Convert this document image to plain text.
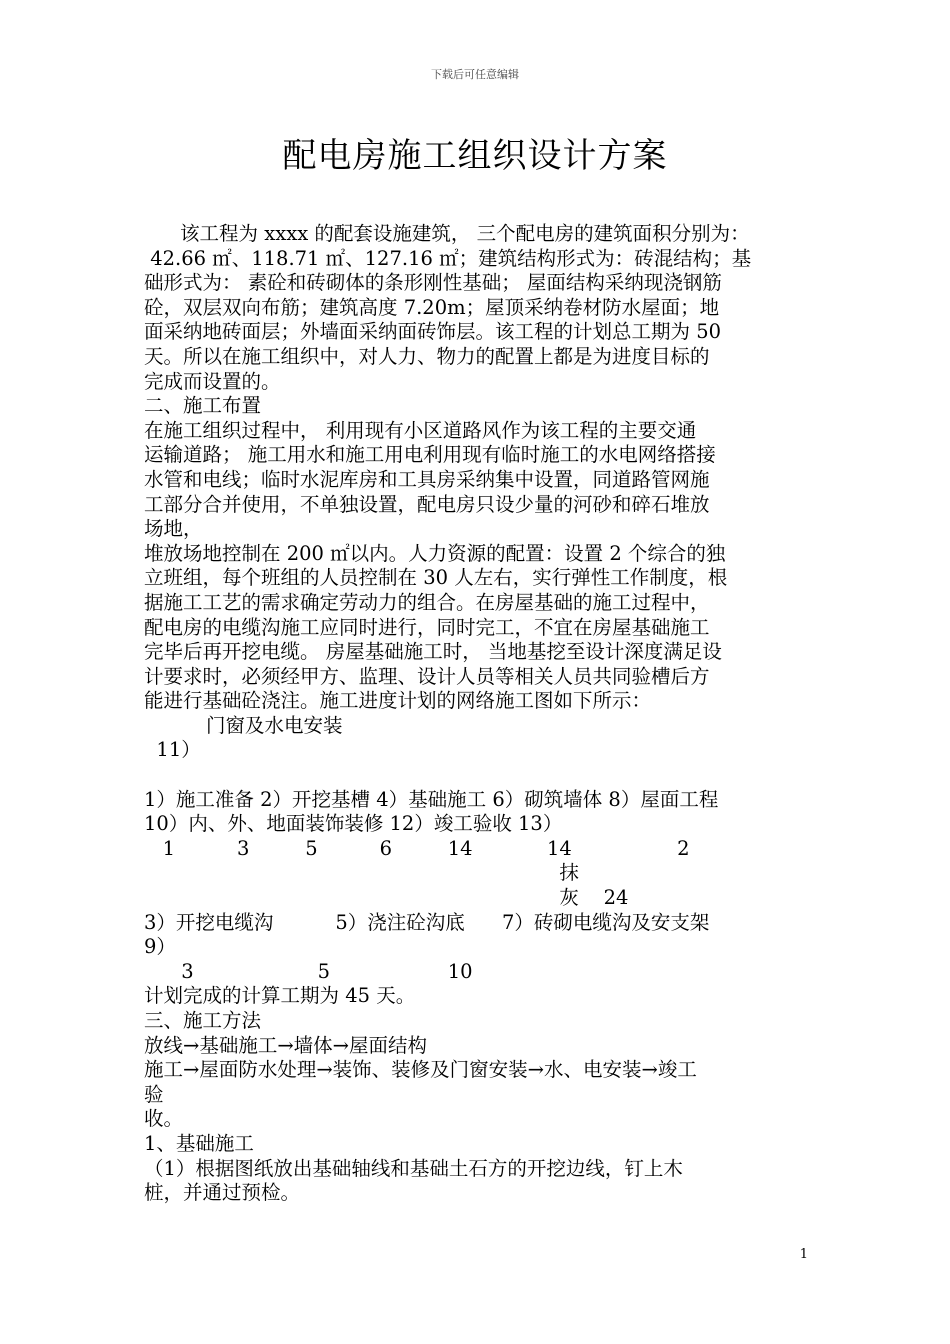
下载后可任意编辑
配电房施工组织设计方案

该工程为 xxxx 的配套设施建筑， 三个配电房的建筑面积分别为：

42.66 ㎡、118.71 ㎡、127.16 ㎡；建筑结构形式为：砖混结构；基

础形式为： 素砼和砖砌体的条形刚性基础； 屋面结构采纳现浇钢筋

砼，双层双向布筋；建筑高度 7.20m；屋顶采纳卷材防水屋面；地

面采纳地砖面层；外墙面采纳面砖饰层。该工程的计划总工期为 50

天。所以在施工组织中，对人力、物力的配置上都是为进度目标的

完成而设置的。

二、施工布置

在施工组织过程中， 利用现有小区道路风作为该工程的主要交通

运输道路； 施工用水和施工用电利用现有临时施工的水电网络搭接

水管和电线；临时水泥库房和工具房采纳集中设置，同道路管网施

工部分合并使用，不单独设置，配电房只设少量的河砂和碎石堆放

场地，

堆放场地控制在 200 ㎡以内。人力资源的配置：设置 2 个综合的独

立班组，每个班组的人员控制在 30 人左右，实行弹性工作制度，根

据施工工艺的需求确定劳动力的组合。在房屋基础的施工过程中，

配电房的电缆沟施工应同时进行，同时完工，不宜在房屋基础施工

完毕后再开挖电缆。 房屋基础施工时， 当地基挖至设计深度满足设

计要求时，必须经甲方、监理、设计人员等相关人员共同验槽后方

能进行基础砼浇注。施工进度计划的网络施工图如下所示：

门窗及水电安装

11）

1）施工准备 2）开挖基槽 4）基础施工 6）砌筑墙体 8）屋面工程

10）内、外、地面装饰装修 12）竣工验收 13）

1          3         5          6         14            14                 2

抹

灰    24

3）开挖电缆沟          5）浇注砼沟底      7）砖砌电缆沟及安支架

9）

3                    5                   10

计划完成的计算工期为 45 天。

三、施工方法

放线→基础施工→墙体→屋面结构

施工→屋面防水处理→装饰、装修及门窗安装→水、电安装→竣工

验

收。

1、基础施工

（1）根据图纸放出基础轴线和基础土石方的开挖边线，钉上木

桩，并通过预检。

1
